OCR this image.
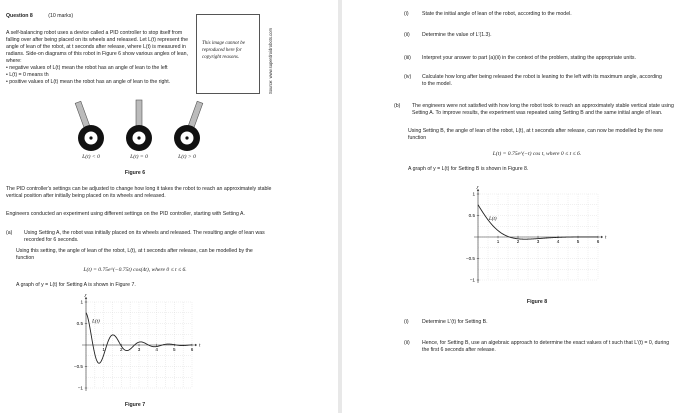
Question 8	(10 marks)
A self-balancing robot uses a device called a PID controller to stop itself from falling over after being placed on its wheels and released. Let L(t) represent the angle of lean of the robot, at t seconds after release, where L(t) is measured in radians. Side-on diagrams of this robot in Figure 6 show various angles of lean, where:
• negative values of L(t) mean the robot has an angle of lean to the left
• L(t) = 0 means th
• positive values of L(t) mean the robot has an angle of lean to the right.
This image cannot be reproduced here for copyright reasons.	Source: www.superdroidrobots.com
L(t) < 0	L(t) = 0	L(t) > 0
Figure 6
The PID controller's settings can be adjusted to change how long it takes the robot to reach an approximately stable vertical position after initially being placed on its wheels and released.
Engineers conducted an experiment using different settings on the PID controller, starting with Setting A.
(a)	Using Setting A, the robot was initially placed on its wheels and released. The resulting angle of lean was recorded for 6 seconds.
Using this setting, the angle of lean of the robot, L(t), at t seconds after release, can be modelled by the function
L(t) = 0.75e^(−0.75t) cos(4t), where 0 ≤ t ≤ 6.
A graph of y = L(t) for Setting A is shown in Figure 7.
t
y
1	2	3	4	5	6
1
0.5
−0.5
−1
L(t)
Figure 7
(i)	State the initial angle of lean of the robot, according to the model.
(ii)	Determine the value of L′(1.3).
(iii)	Interpret your answer to part (a)(ii) in the context of the problem, stating the appropriate units.
(iv)	Calculate how long after being released the robot is leaning to the left with its maximum angle, according to the model.
(b)	The engineers were not satisfied with how long the robot took to reach an approximately stable vertical state using Setting A. To improve results, the experiment was repeated using Setting B and the same initial angle of lean.
Using Setting B, the angle of lean of the robot, L(t), at t seconds after release, can now be modelled by the new function
L(t) = 0.75e^(−t) cos t, where 0 ≤ t ≤ 6.
A graph of y = L(t) for Setting B is shown in Figure 8.
t
y
1	2	3	4	5	6
1
0.5
−0.5
−1
L(t)
Figure 8
(i)	Determine L′(t) for Setting B.
(ii)	Hence, for Setting B, use an algebraic approach to determine the exact values of t such that L′(t) = 0, during the first 6 seconds after release.
